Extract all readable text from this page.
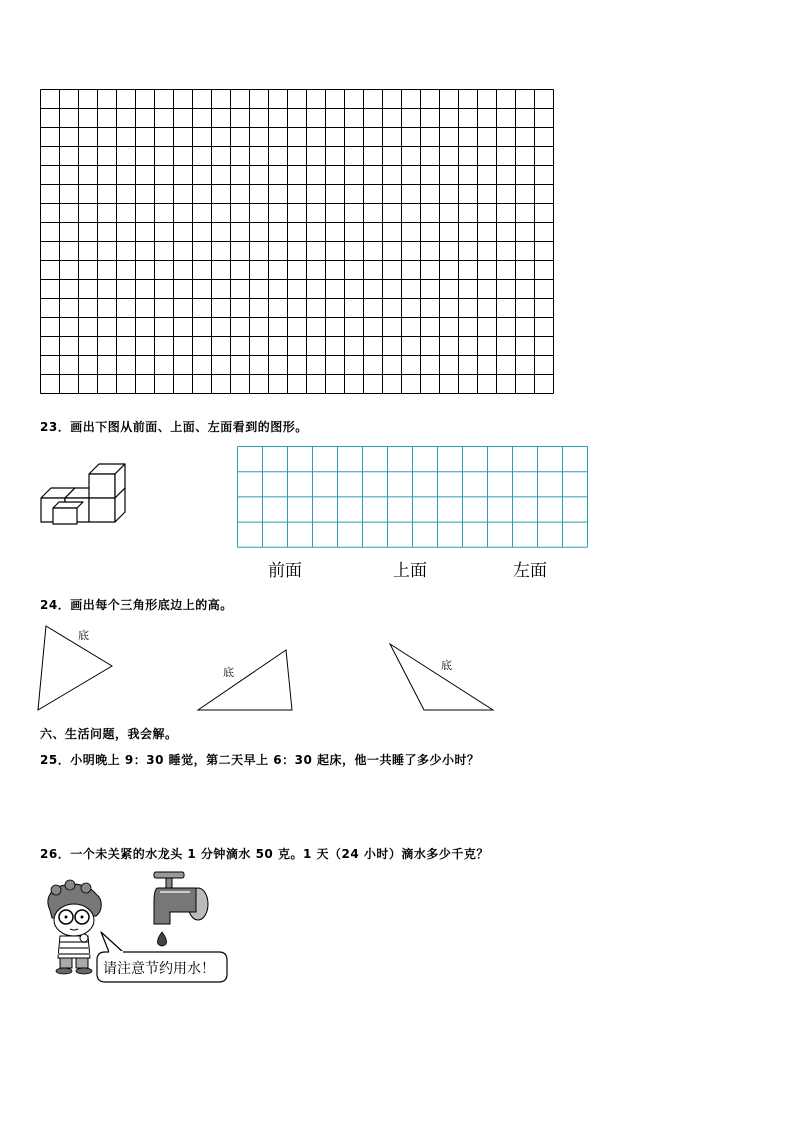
23．画出下图从前面、上面、左面看到的图形。
前面	上面	左面
24．画出每个三角形底边上的高。
底
底
底
六、生活问题，我会解。
25．小明晚上 9：30 睡觉，第二天早上 6：30 起床，他一共睡了多少小时？
26．一个未关紧的水龙头 1 分钟滴水 50 克。1 天（24 小时）滴水多少千克？
请注意节约用水！
